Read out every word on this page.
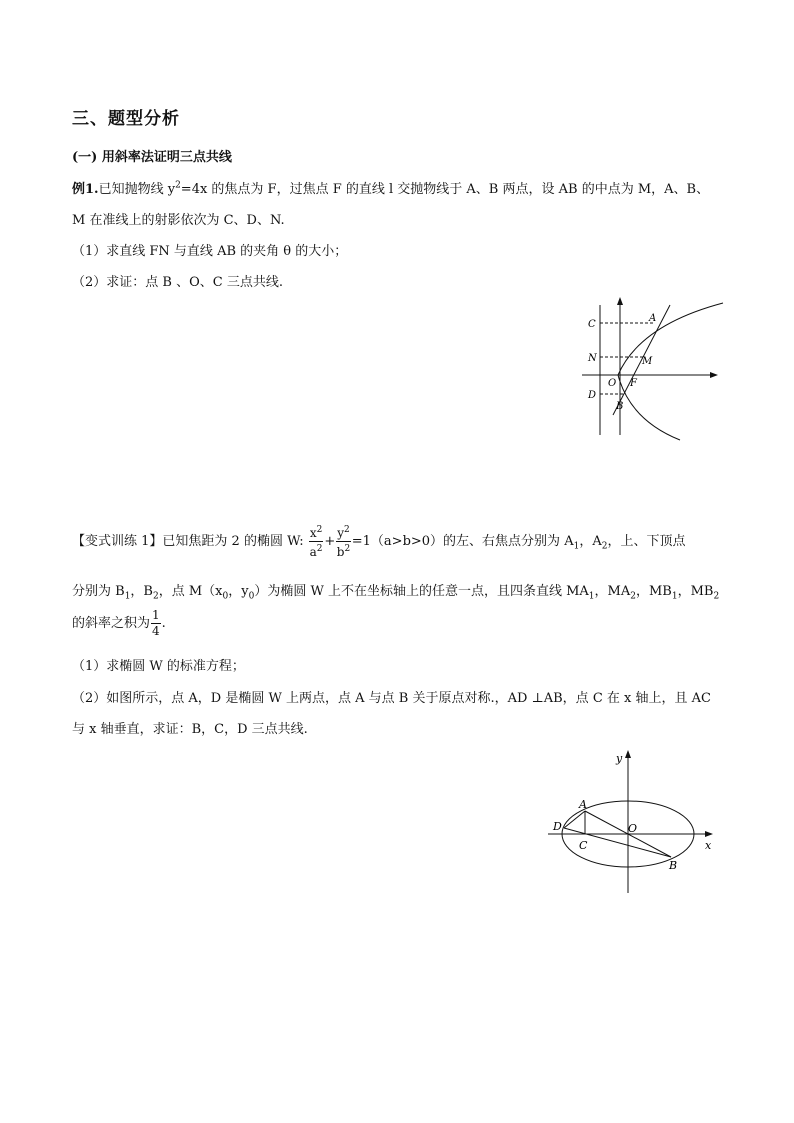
三、题型分析
(一) 用斜率法证明三点共线
例1.已知抛物线 $y^2=4x$ 的焦点为 F，过焦点 F 的直线 l 交抛物线于 A、B 两点，设 AB 的中点为 M，A、B、
M 在准线上的射影依次为 C、D、N.
（1）求直线 FN 与直线 AB 的夹角 θ 的大小；
（2）求证：点 B 、O、C 三点共线.
C
A
N	M
O F
D
B
【变式训练 1】已知焦距为 2 的椭圆 W: $\frac{x^2}{a^2} + \frac{y^2}{b^2} =1(a>b>0)$的左、右焦点分别为 $A_1$，$A_2$，上、下顶点
分别为 $B_1$，$B_2$，点 $M(x_0$，$y_0$）为椭圆 W 上不在坐标轴上的任意一点，且四条直线 $MA_1$，$MA_2$，$MB_1$，$MB_2$
的斜率之积为 $\frac{1}{4}$ .
（1）求椭圆 W 的标准方程；
（2）如图所示，点 A，D 是椭圆 W 上两点，点 A 与点 B 关于原点对称.，AD ⊥AB，点 C 在 x 轴上，且 AC
与 x 轴垂直，求证：B，C，D 三点共线.
y
A
D	O
C	x
B
